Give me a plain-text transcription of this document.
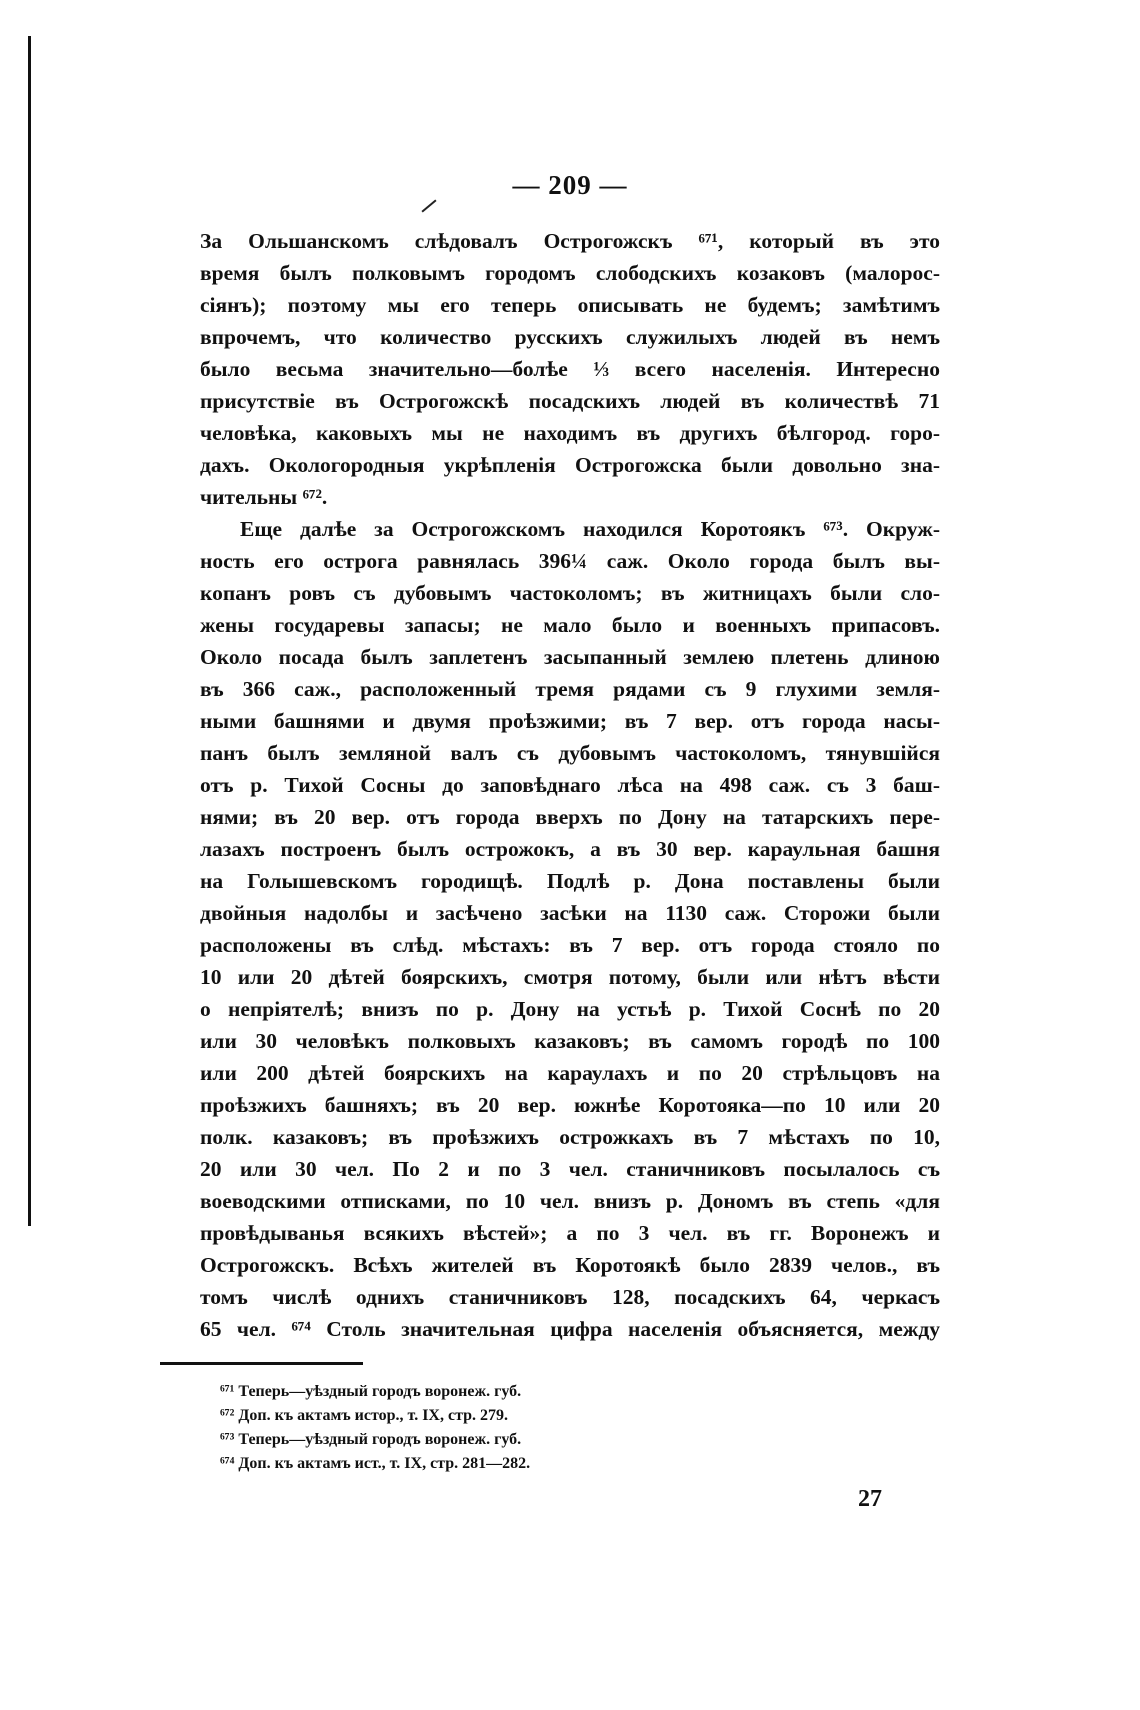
— 209 —
За Ольшанскомъ слѣдовалъ Острогожскъ ⁶⁷¹, который въ это
время былъ полковымъ городомъ слободскихъ козаковъ (малорос-
сіянъ); поэтому мы его теперь описывать не будемъ; замѣтимъ
впрочемъ, что количество русскихъ служилыхъ людей въ немъ
было весьма значительно—болѣе ⅓ всего населенія. Интересно
присутствіе въ Острогожскѣ посадскихъ людей въ количествѣ 71
человѣка, каковыхъ мы не находимъ въ другихъ бѣлгород. горо-
дахъ. Окологородныя укрѣпленія Острогожска были довольно зна-
чительны ⁶⁷².
Еще далѣе за Острогожскомъ находился Коротоякъ ⁶⁷³. Окруж-
ность его острога равнялась 396¼ саж. Около города былъ вы-
копанъ ровъ съ дубовымъ частоколомъ; въ житницахъ были сло-
жены государевы запасы; не мало было и военныхъ припасовъ.
Около посада былъ заплетенъ засыпанный землею плетень длиною
въ 366 саж., расположенный тремя рядами съ 9 глухими земля-
ными башнями и двумя проѣзжими; въ 7 вер. отъ города насы-
панъ былъ земляной валъ съ дубовымъ частоколомъ, тянувшійся
отъ р. Тихой Сосны до заповѣднаго лѣса на 498 саж. съ 3 баш-
нями; въ 20 вер. отъ города вверхъ по Дону на татарскихъ пере-
лазахъ построенъ былъ острожокъ, а въ 30 вер. караульная башня
на Голышевскомъ городищѣ. Подлѣ р. Дона поставлены были
двойныя надолбы и засѣчено засѣки на 1130 саж. Сторожи были
расположены въ слѣд. мѣстахъ: въ 7 вер. отъ города стояло по
10 или 20 дѣтей боярскихъ, смотря потому, были или нѣтъ вѣсти
о непріятелѣ; внизъ по р. Дону на устьѣ р. Тихой Соснѣ по 20
или 30 человѣкъ полковыхъ казаковъ; въ самомъ городѣ по 100
или 200 дѣтей боярскихъ на караулахъ и по 20 стрѣльцовъ на
проѣзжихъ башняхъ; въ 20 вер. южнѣе Коротояка—по 10 или 20
полк. казаковъ; въ проѣзжихъ острожкахъ въ 7 мѣстахъ по 10,
20 или 30 чел. По 2 и по 3 чел. станичниковъ посылалось съ
воеводскими отписками, по 10 чел. внизъ р. Дономъ въ степь «для
провѣдыванья всякихъ вѣстей»; а по 3 чел. въ гг. Воронежъ и
Острогожскъ. Всѣхъ жителей въ Коротоякѣ было 2839 челов., въ
томъ числѣ однихъ станичниковъ 128, посадскихъ 64, черкасъ
65 чел. ⁶⁷⁴ Столь значительная цифра населенія объясняется, между
⁶⁷¹ Теперь—уѣздный городъ воронеж. губ.
⁶⁷² Доп. къ актамъ истор., т. IX, стр. 279.
⁶⁷³ Теперь—уѣздный городъ воронеж. губ.
⁶⁷⁴ Доп. къ актамъ ист., т. IX, стр. 281—282.
27
